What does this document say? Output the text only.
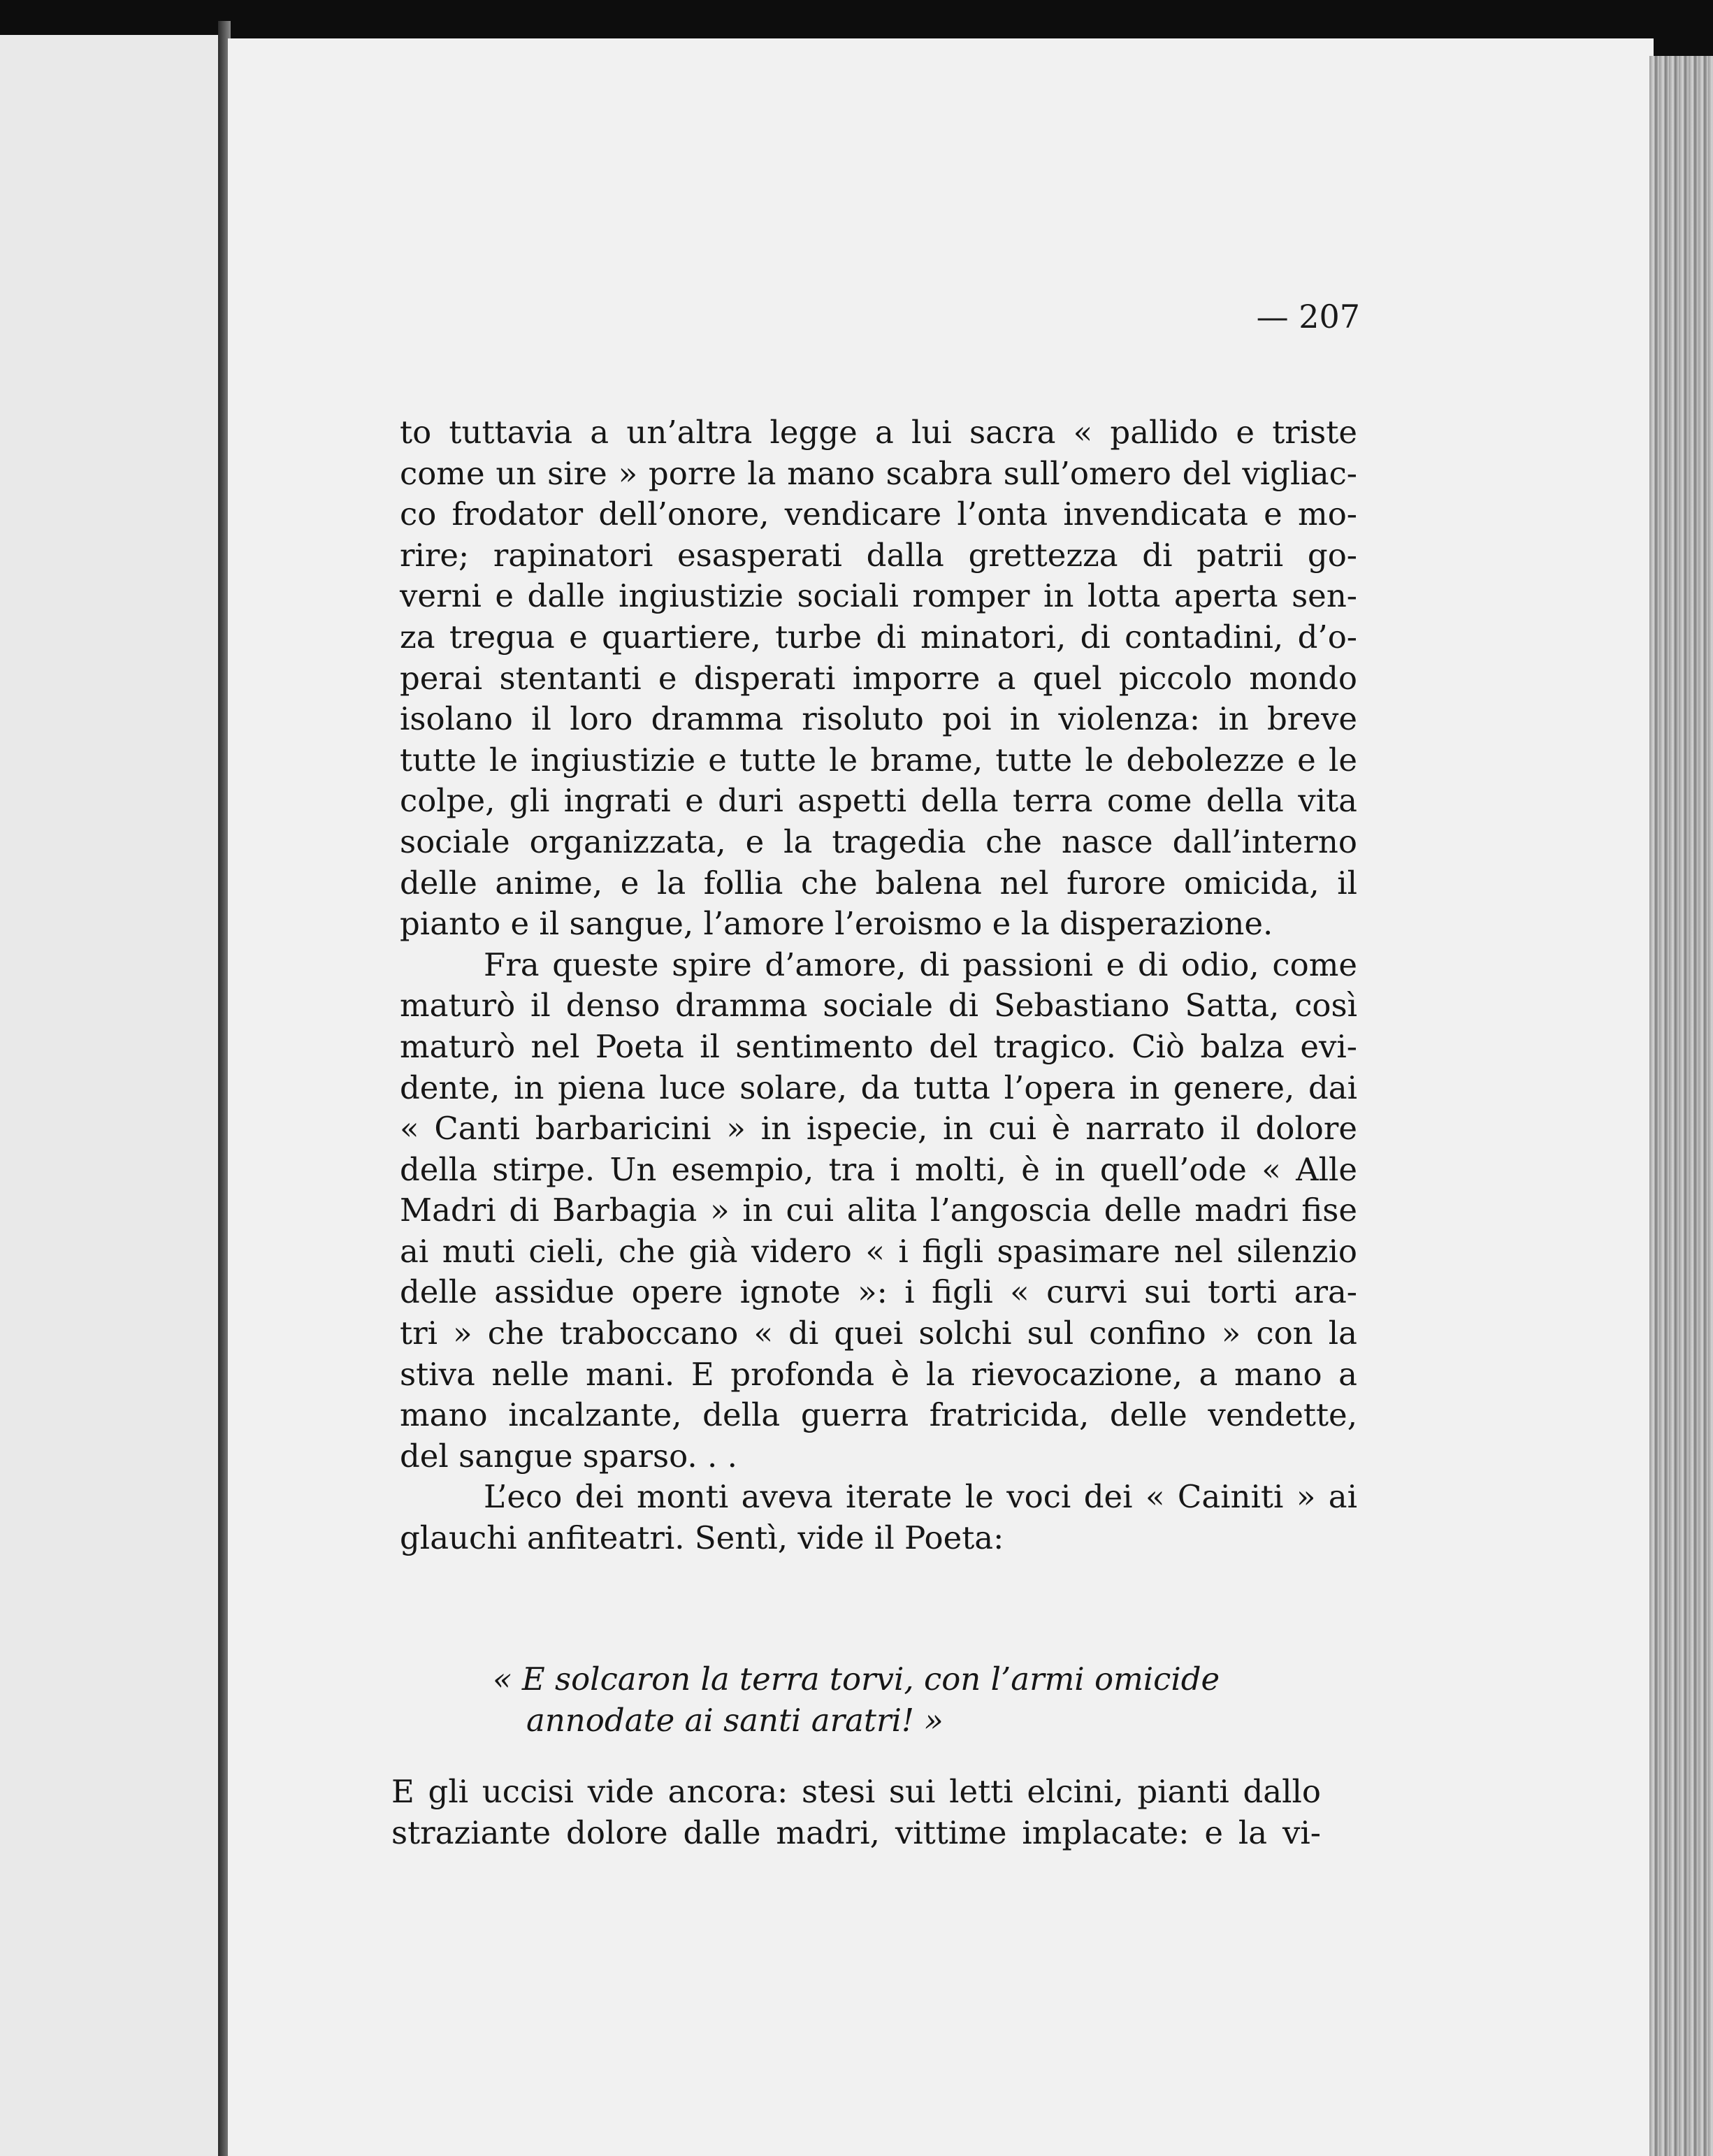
— 207
to tuttavia a un’altra legge a lui sacra « pallido e triste
come un sire » porre la mano scabra sull’omero del vigliac-
co frodator dell’onore, vendicare l’onta invendicata e mo-
rire; rapinatori esasperati dalla grettezza di patrii go-
verni e dalle ingiustizie sociali romper in lotta aperta sen-
za tregua e quartiere, turbe di minatori, di contadini, d’o-
perai stentanti e disperati imporre a quel piccolo mondo
isolano il loro dramma risoluto poi in violenza: in breve
tutte le ingiustizie e tutte le brame, tutte le debolezze e le
colpe, gli ingrati e duri aspetti della terra come della vita
sociale organizzata, e la tragedia che nasce dall’interno
delle anime, e la follia che balena nel furore omicida, il
pianto e il sangue, l’amore l’eroismo e la disperazione.
Fra queste spire d’amore, di passioni e di odio, come
maturò il denso dramma sociale di Sebastiano Satta, così
maturò nel Poeta il sentimento del tragico. Ciò balza evi-
dente, in piena luce solare, da tutta l’opera in genere, dai
« Canti barbaricini » in ispecie, in cui è narrato il dolore
della stirpe. Un esempio, tra i molti, è in quell’ode « Alle
Madri di Barbagia » in cui alita l’angoscia delle madri fise
ai muti cieli, che già videro « i figli spasimare nel silenzio
delle assidue opere ignote »: i figli « curvi sui torti ara-
tri » che traboccano « di quei solchi sul confino » con la
stiva nelle mani. E profonda è la rievocazione, a mano a
mano incalzante, della guerra fratricida, delle vendette,
del sangue sparso. . .
L’eco dei monti aveva iterate le voci dei « Cainiti » ai
glauchi anfiteatri. Sentì, vide il Poeta:
« E solcaron la terra torvi, con l’armi omicide
annodate ai santi aratri! »
E gli uccisi vide ancora: stesi sui letti elcini, pianti dallo
straziante dolore dalle madri, vittime implacate: e la vi-
